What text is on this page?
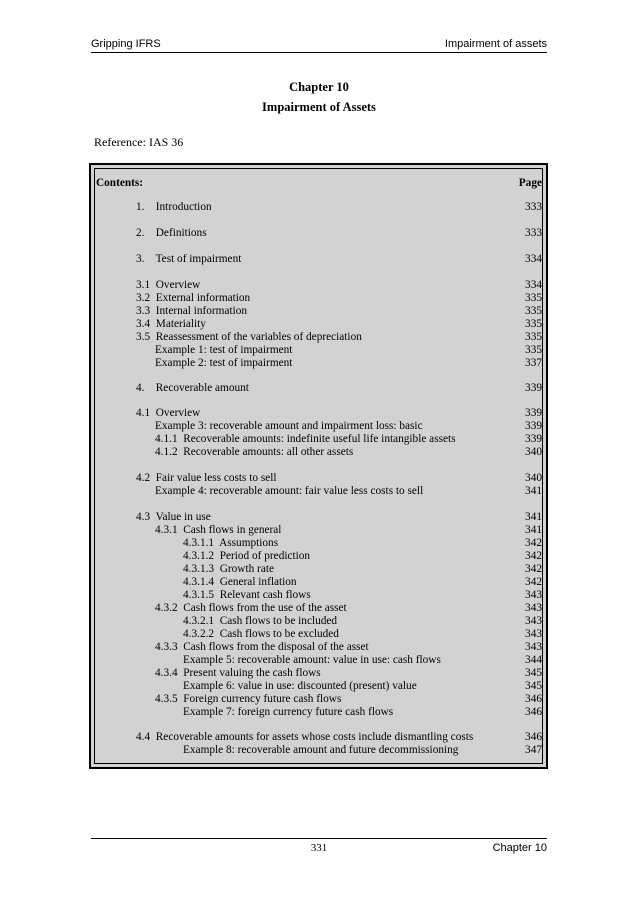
Gripping IFRS	Impairment of assets
Chapter 10
Impairment of Assets
Reference: IAS 36
Contents:	Page
1.    Introduction	333
2.    Definitions	333
3.    Test of impairment	334
3.1  Overview	334
3.2  External information	335
3.3  Internal information	335
3.4  Materiality	335
3.5  Reassessment of the variables of depreciation	335
Example 1: test of impairment	335
Example 2: test of impairment	337
4.    Recoverable amount	339
4.1  Overview	339
Example 3: recoverable amount and impairment loss: basic	339
4.1.1  Recoverable amounts: indefinite useful life intangible assets	339
4.1.2  Recoverable amounts: all other assets	340
4.2  Fair value less costs to sell	340
Example 4: recoverable amount: fair value less costs to sell	341
4.3  Value in use	341
4.3.1  Cash flows in general	341
4.3.1.1  Assumptions	342
4.3.1.2  Period of prediction	342
4.3.1.3  Growth rate	342
4.3.1.4  General inflation	342
4.3.1.5  Relevant cash flows	343
4.3.2  Cash flows from the use of the asset	343
4.3.2.1  Cash flows to be included	343
4.3.2.2  Cash flows to be excluded	343
4.3.3  Cash flows from the disposal of the asset	343
Example 5: recoverable amount: value in use: cash flows	344
4.3.4  Present valuing the cash flows	345
Example 6: value in use: discounted (present) value	345
4.3.5  Foreign currency future cash flows	346
Example 7: foreign currency future cash flows	346
4.4  Recoverable amounts for assets whose costs include dismantling costs	346
Example 8: recoverable amount and future decommissioning	347
331	Chapter 10
